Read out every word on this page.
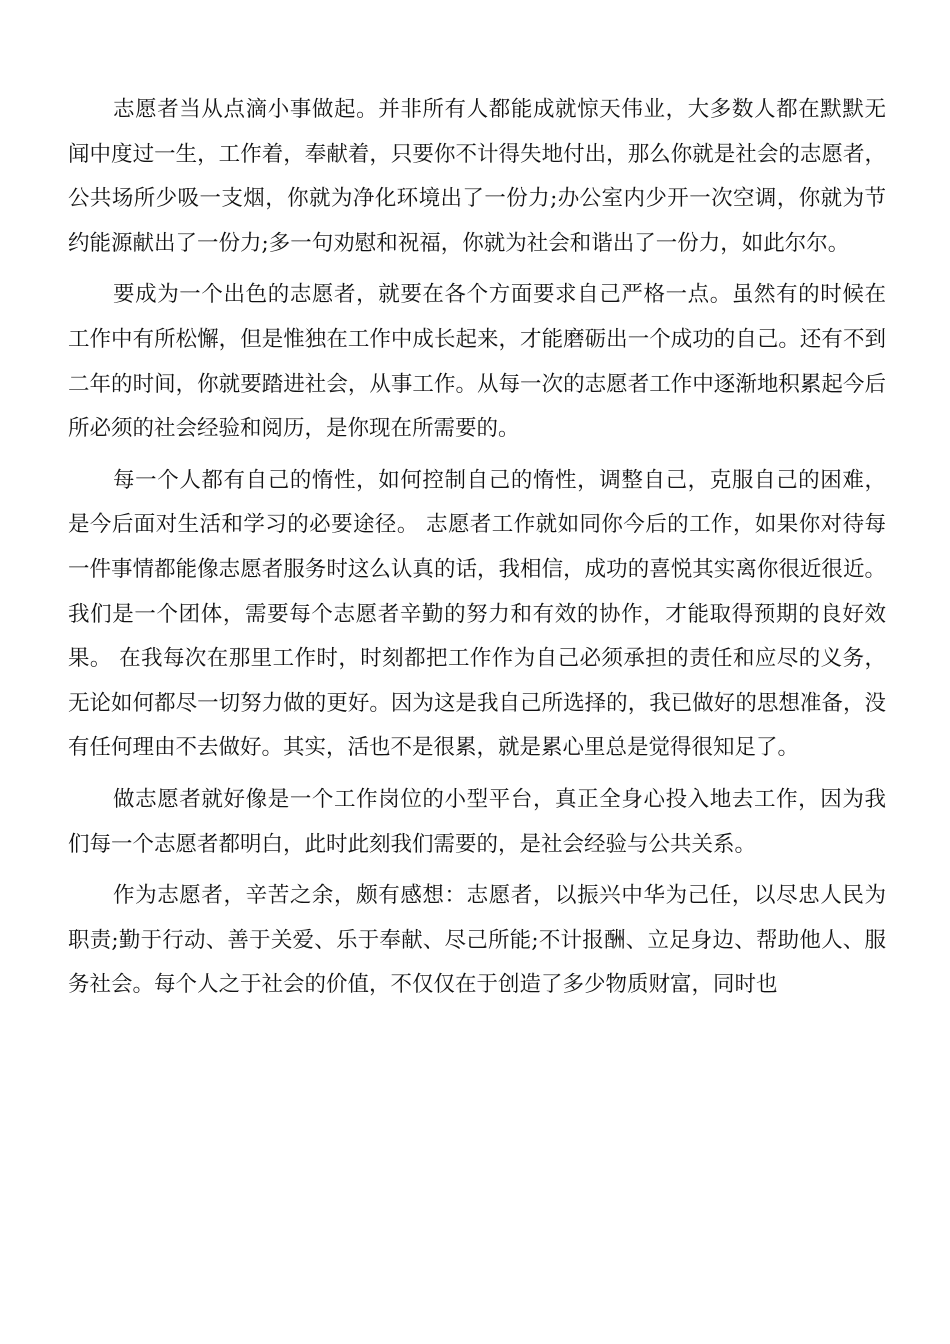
志愿者当从点滴小事做起。并非所有人都能成就惊天伟业，大多数人都在默默无闻中度过一生，工作着，奉献着，只要你不计得失地付出，那么你就是社会的志愿者，公共场所少吸一支烟，你就为净化环境出了一份力;办公室内少开一次空调，你就为节约能源献出了一份力;多一句劝慰和祝福，你就为社会和谐出了一份力，如此尔尔。

要成为一个出色的志愿者，就要在各个方面要求自己严格一点。虽然有的时候在工作中有所松懈，但是惟独在工作中成长起来，才能磨砺出一个成功的自己。还有不到二年的时间，你就要踏进社会，从事工作。从每一次的志愿者工作中逐渐地积累起今后所必须的社会经验和阅历，是你现在所需要的。

每一个人都有自己的惰性，如何控制自己的惰性，调整自己，克服自己的困难，是今后面对生活和学习的必要途径。 志愿者工作就如同你今后的工作，如果你对待每一件事情都能像志愿者服务时这么认真的话，我相信，成功的喜悦其实离你很近很近。我们是一个团体，需要每个志愿者辛勤的努力和有效的协作，才能取得预期的良好效果。 在我每次在那里工作时，时刻都把工作作为自己必须承担的责任和应尽的义务，无论如何都尽一切努力做的更好。因为这是我自己所选择的，我已做好的思想准备，没有任何理由不去做好。其实，活也不是很累，就是累心里总是觉得很知足了。

做志愿者就好像是一个工作岗位的小型平台，真正全身心投入地去工作，因为我们每一个志愿者都明白，此时此刻我们需要的，是社会经验与公共关系。

作为志愿者，辛苦之余，颇有感想：志愿者，以振兴中华为己任，以尽忠人民为职责;勤于行动、善于关爱、乐于奉献、尽己所能;不计报酬、立足身边、帮助他人、服务社会。每个人之于社会的价值，不仅仅在于创造了多少物质财富，同时也
